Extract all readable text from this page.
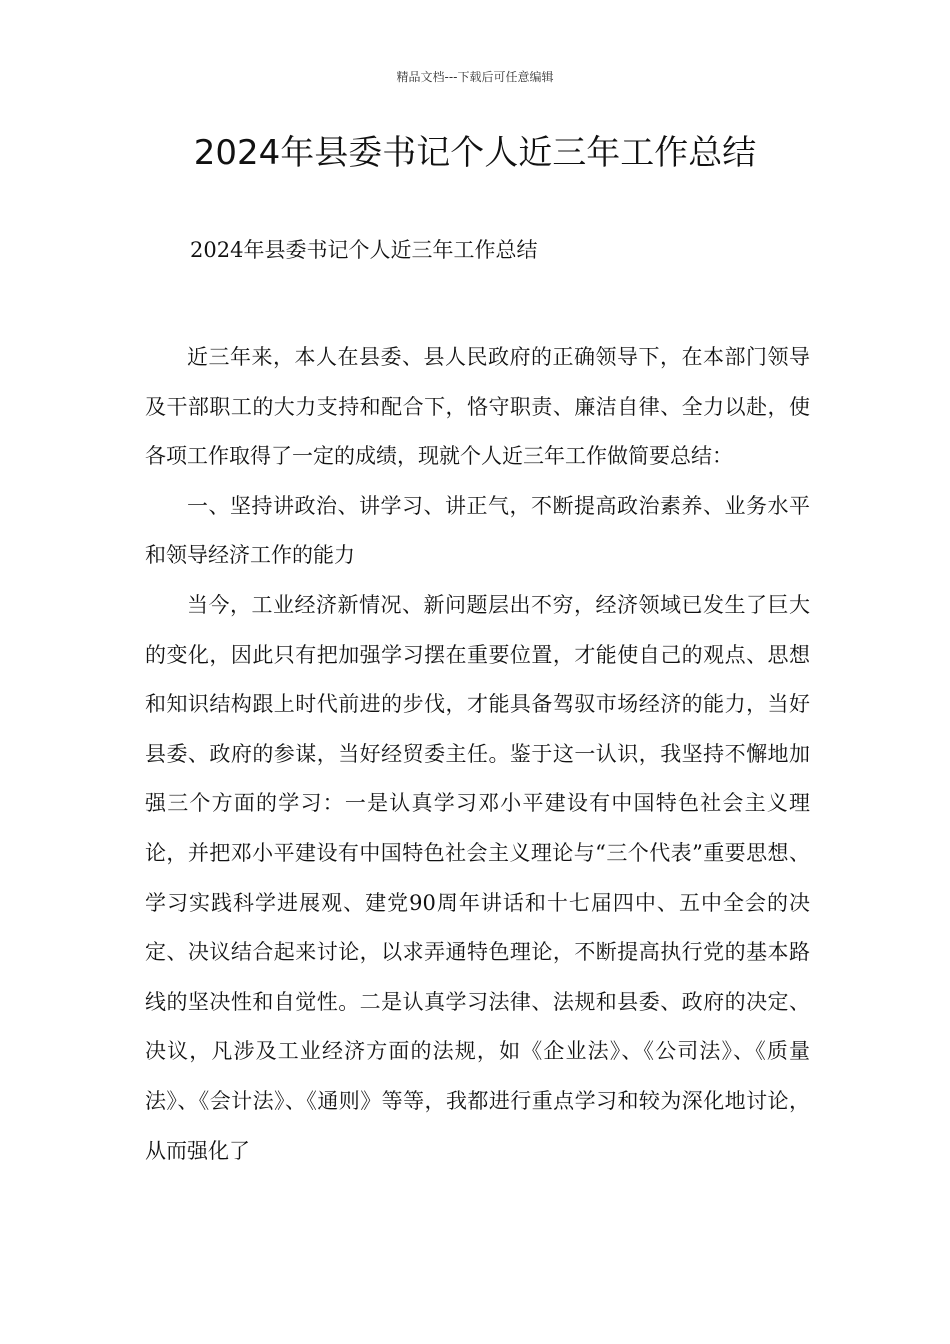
精品文档---下载后可任意编辑
2024年县委书记个人近三年工作总结

2024年县委书记个人近三年工作总结

近三年来，本人在县委、县人民政府的正确领导下，在本部门领导及干部职工的大力支持和配合下，恪守职责、廉洁自律、全力以赴，使各项工作取得了一定的成绩，现就个人近三年工作做简要总结：

一、坚持讲政治、讲学习、讲正气，不断提高政治素养、业务水平和领导经济工作的能力

当今，工业经济新情况、新问题层出不穷，经济领域已发生了巨大的变化，因此只有把加强学习摆在重要位置，才能使自己的观点、思想和知识结构跟上时代前进的步伐，才能具备驾驭市场经济的能力，当好县委、政府的参谋，当好经贸委主任。鉴于这一认识，我坚持不懈地加强三个方面的学习：一是认真学习邓小平建设有中国特色社会主义理论，并把邓小平建设有中国特色社会主义理论与“三个代表”重要思想、学习实践科学进展观、建党90周年讲话和十七届四中、五中全会的决定、决议结合起来讨论，以求弄通特色理论，不断提高执行党的基本路线的坚决性和自觉性。二是认真学习法律、法规和县委、政府的决定、决议，凡涉及工业经济方面的法规，如《企业法》、《公司法》、《质量法》、《会计法》、《通则》等等，我都进行重点学习和较为深化地讨论，从而强化了
